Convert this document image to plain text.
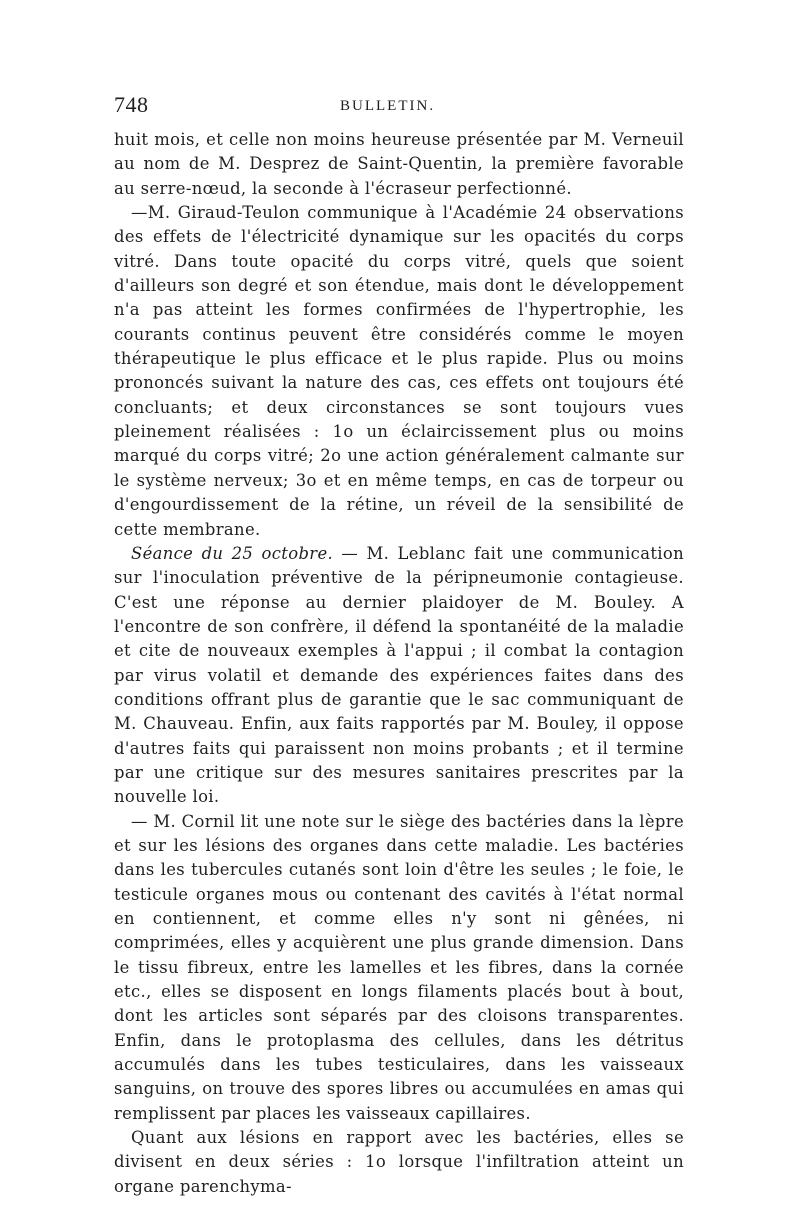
748	BULLETIN.

huit mois, et celle non moins heureuse présentée par M. Verneuil au nom de M. Desprez de Saint-Quentin, la première favorable au serre-nœud, la seconde à l'écraseur perfectionné.

—M. Giraud-Teulon communique à l'Académie 24 observations des effets de l'électricité dynamique sur les opacités du corps vitré. Dans toute opacité du corps vitré, quels que soient d'ailleurs son degré et son étendue, mais dont le développement n'a pas atteint les formes confirmées de l'hypertrophie, les courants continus peuvent être considérés comme le moyen thérapeutique le plus efficace et le plus rapide. Plus ou moins prononcés suivant la nature des cas, ces effets ont toujours été concluants; et deux circonstances se sont toujours vues pleinement réalisées : 1o un éclaircissement plus ou moins marqué du corps vitré; 2o une action généralement calmante sur le système nerveux; 3o et en même temps, en cas de torpeur ou d'engourdissement de la rétine, un réveil de la sensibilité de cette membrane.

Séance du 25 octobre. — M. Leblanc fait une communication sur l'inoculation préventive de la péripneumonie contagieuse. C'est une réponse au dernier plaidoyer de M. Bouley. A l'encontre de son confrère, il défend la spontanéité de la maladie et cite de nouveaux exemples à l'appui ; il combat la contagion par virus volatil et demande des expériences faites dans des conditions offrant plus de garantie que le sac communiquant de M. Chauveau. Enfin, aux faits rapportés par M. Bouley, il oppose d'autres faits qui paraissent non moins probants ; et il termine par une critique sur des mesures sanitaires prescrites par la nouvelle loi.

— M. Cornil lit une note sur le siège des bactéries dans la lèpre et sur les lésions des organes dans cette maladie. Les bactéries dans les tubercules cutanés sont loin d'être les seules ; le foie, le testicule organes mous ou contenant des cavités à l'état normal en contiennent, et comme elles n'y sont ni gênées, ni comprimées, elles y acquièrent une plus grande dimension. Dans le tissu fibreux, entre les lamelles et les fibres, dans la cornée etc., elles se disposent en longs filaments placés bout à bout, dont les articles sont séparés par des cloisons transparentes. Enfin, dans le protoplasma des cellules, dans les détritus accumulés dans les tubes testiculaires, dans les vaisseaux sanguins, on trouve des spores libres ou accumulées en amas qui remplissent par places les vaisseaux capillaires.

Quant aux lésions en rapport avec les bactéries, elles se divisent en deux séries : 1o lorsque l'infiltration atteint un organe parenchyma-
